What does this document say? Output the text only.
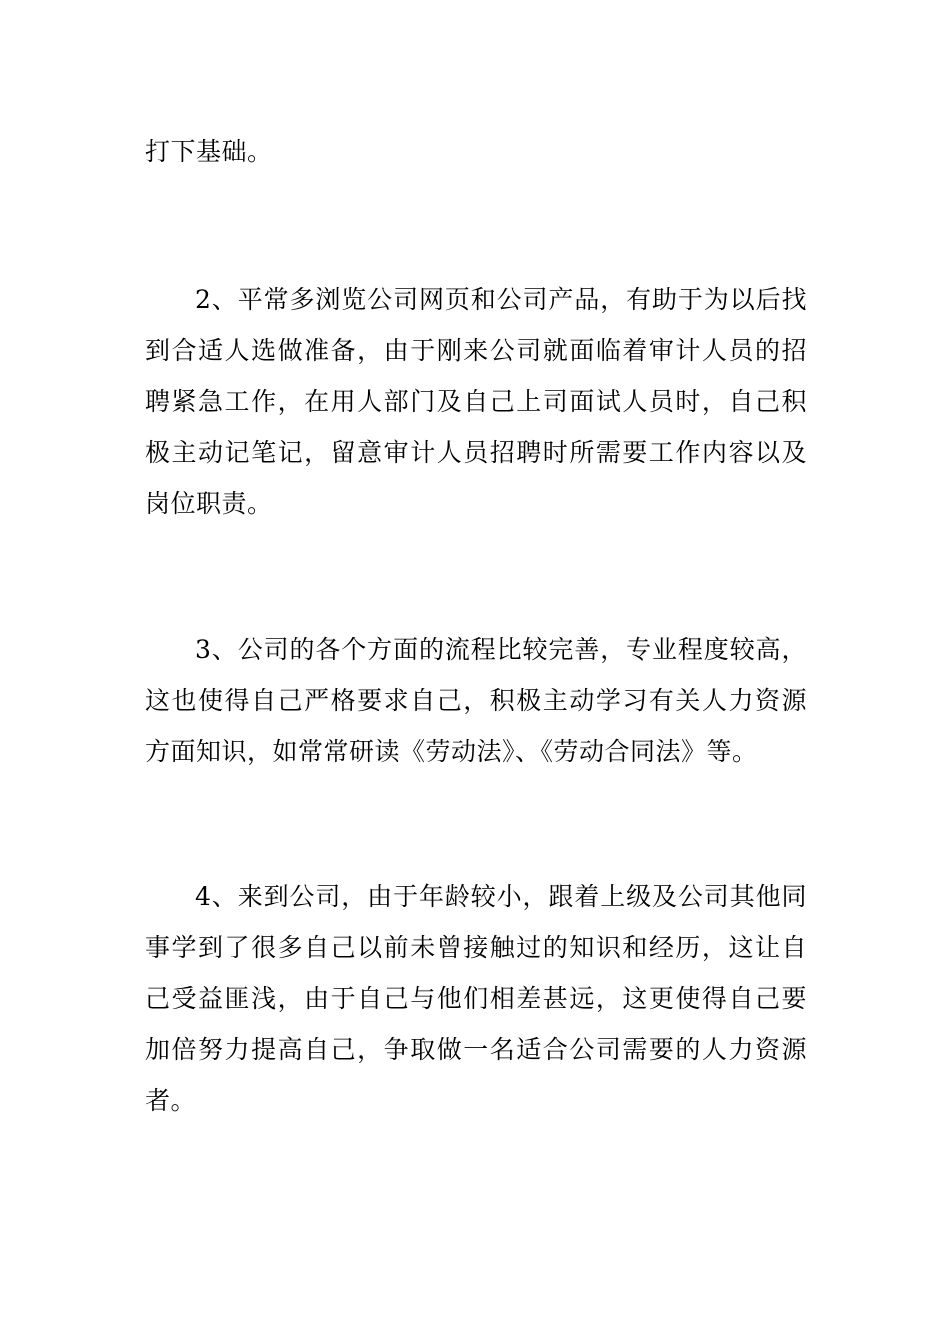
打下基础。

2、平常多浏览公司网页和公司产品，有助于为以后找到合适人选做准备，由于刚来公司就面临着审计人员的招聘紧急工作，在用人部门及自己上司面试人员时，自己积极主动记笔记，留意审计人员招聘时所需要工作内容以及岗位职责。

3、公司的各个方面的流程比较完善，专业程度较高，这也使得自己严格要求自己，积极主动学习有关人力资源方面知识，如常常研读《劳动法》、《劳动合同法》等。

4、来到公司，由于年龄较小，跟着上级及公司其他同事学到了很多自己以前未曾接触过的知识和经历，这让自己受益匪浅，由于自己与他们相差甚远，这更使得自己要加倍努力提高自己，争取做一名适合公司需要的人力资源者。
